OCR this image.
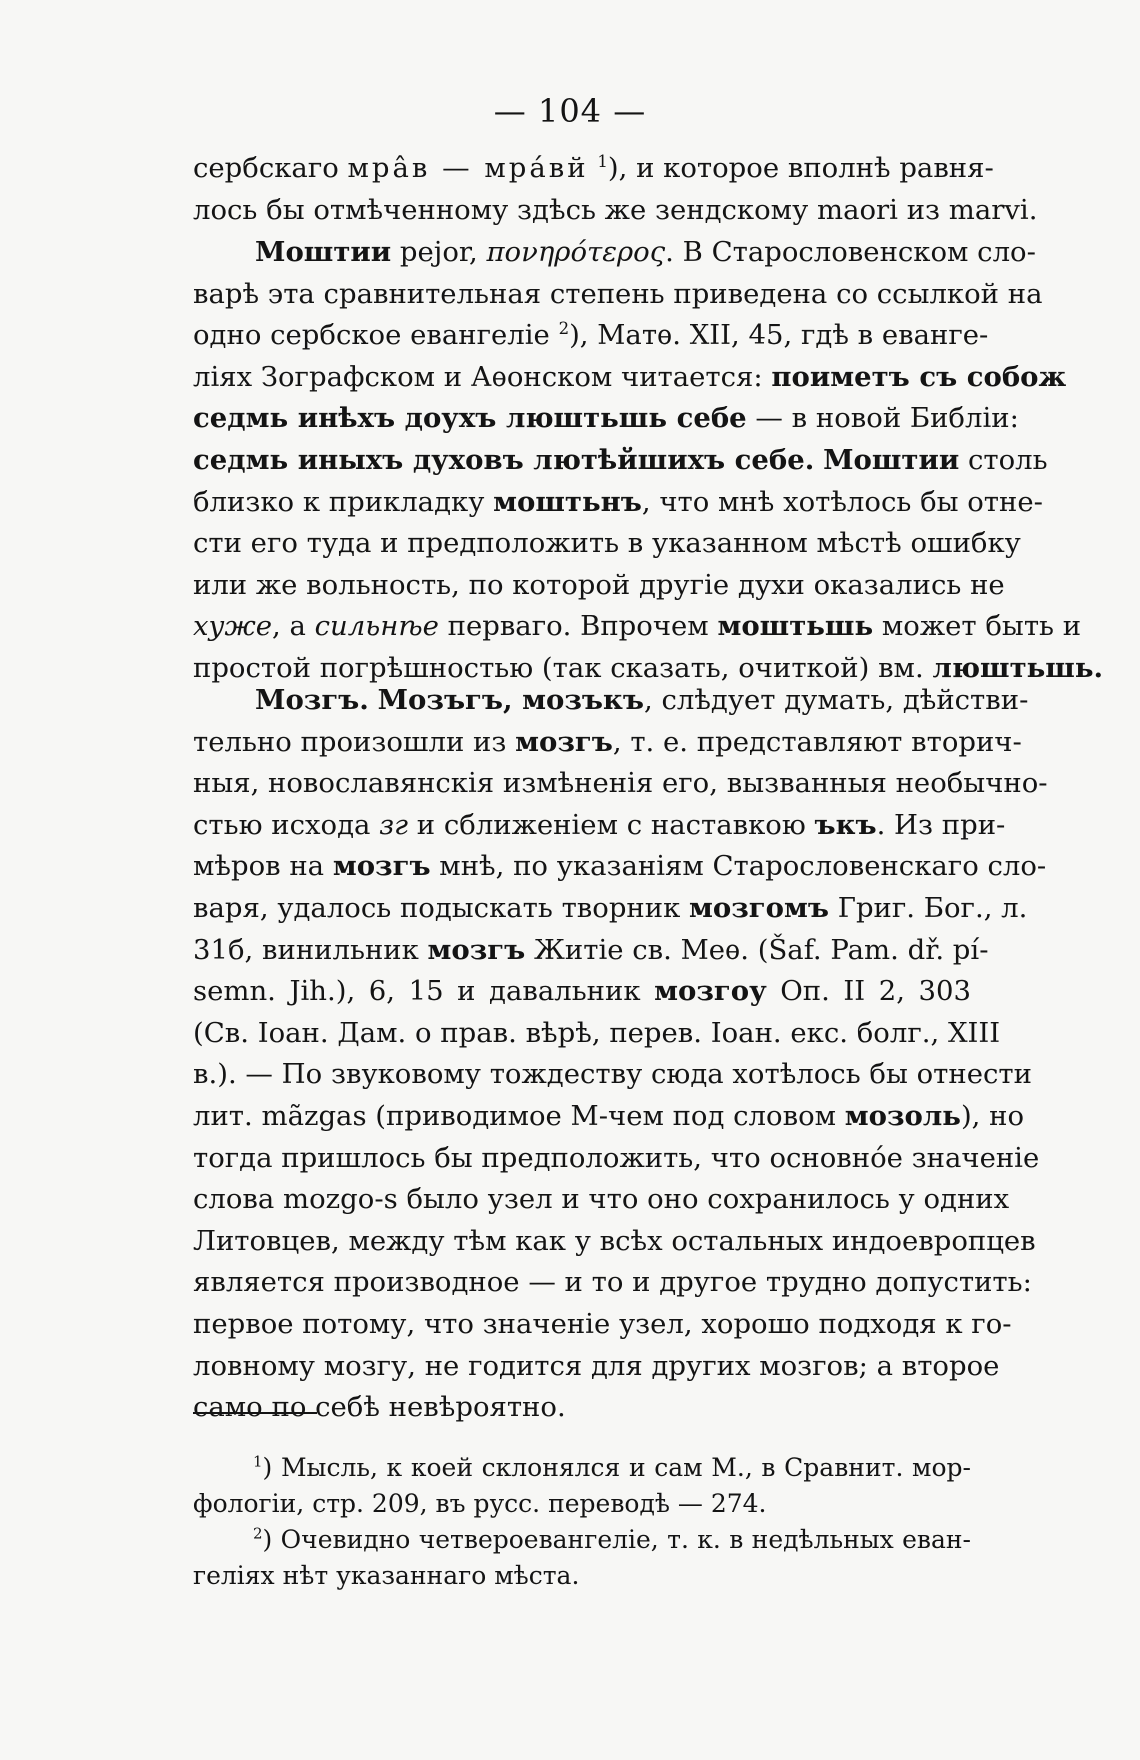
— 104 —
сербскаго мрâв — мрáвй $^1$), и которое вполнѣ равня-
лось бы отмѣченному здѣсь же зендскому maori из marvi.
Моштии pejor, πονηρότερος. В Старословенском сло-
варѣ эта сравнительная степень приведена со ссылкой на
одно сербское евангеліе $^2$), Матѳ. XII, 45, гдѣ в еванге-
ліях Зографском и Аѳонском читается: поиметъ съ собож
седмь инѣхъ доухъ люштьшь себе — в новой Библіи:
седмь иныхъ духовъ лютѣйшихъ себе. Моштии столь
близко к прикладку моштьнъ, что мнѣ хотѣлось бы отне-
сти его туда и предположить в указанном мѣстѣ ошибку
или же вольность, по которой другіе духи оказались не
хуже, а сильнѣе перваго. Впрочем моштьшь может быть и
простой погрѣшностью (так сказать, очиткой) вм. люштьшь.
Мозгъ. Мозъгъ, мозъкъ, слѣдует думать, дѣйстви-
тельно произошли из мозгъ, т. е. представляют вторич-
ныя, новославянскія измѣненія его, вызванныя необычно-
стью исхода зг и сближеніем с наставкою ъкъ. Из при-
мѣров на мозгъ мнѣ, по указаніям Старословенскаго сло-
варя, удалось подыскать творник мозгомъ Григ. Бог., л.
31б, винильник мозгъ Житіе св. Меѳ. (Šaf. Pam. dř. pí-
semn. Jih.), 6, 15 и давальник мозгоу Оп. II 2, 303
(Св. Іоан. Дам. о прав. вѣрѣ, перев. Іоан. екс. болг., XIII
в.). — По звуковому тождеству сюда хотѣлось бы отнести
лит. mãzgas (приводимое М-чем под словом мозоль), но
тогда пришлось бы предположить, что основнóе значеніе
слова mozgo-s было узел и что оно сохранилось у одних
Литовцев, между тѣм как у всѣх остальных индоевропцев
является производное — и то и другое трудно допустить:
первое потому, что значеніе узел, хорошо подходя к го-
ловному мозгу, не годится для других мозгов; а второе
само по себѣ невѣроятно.
$^1$) Мысль, к коей склонялся и сам М., в Сравнит. мор-
фологіи, стр. 209, въ русс. переводѣ — 274.
$^2$) Очевидно четвероевангеліе, т. к. в недѣльных еван-
геліях нѣт указаннаго мѣста.
